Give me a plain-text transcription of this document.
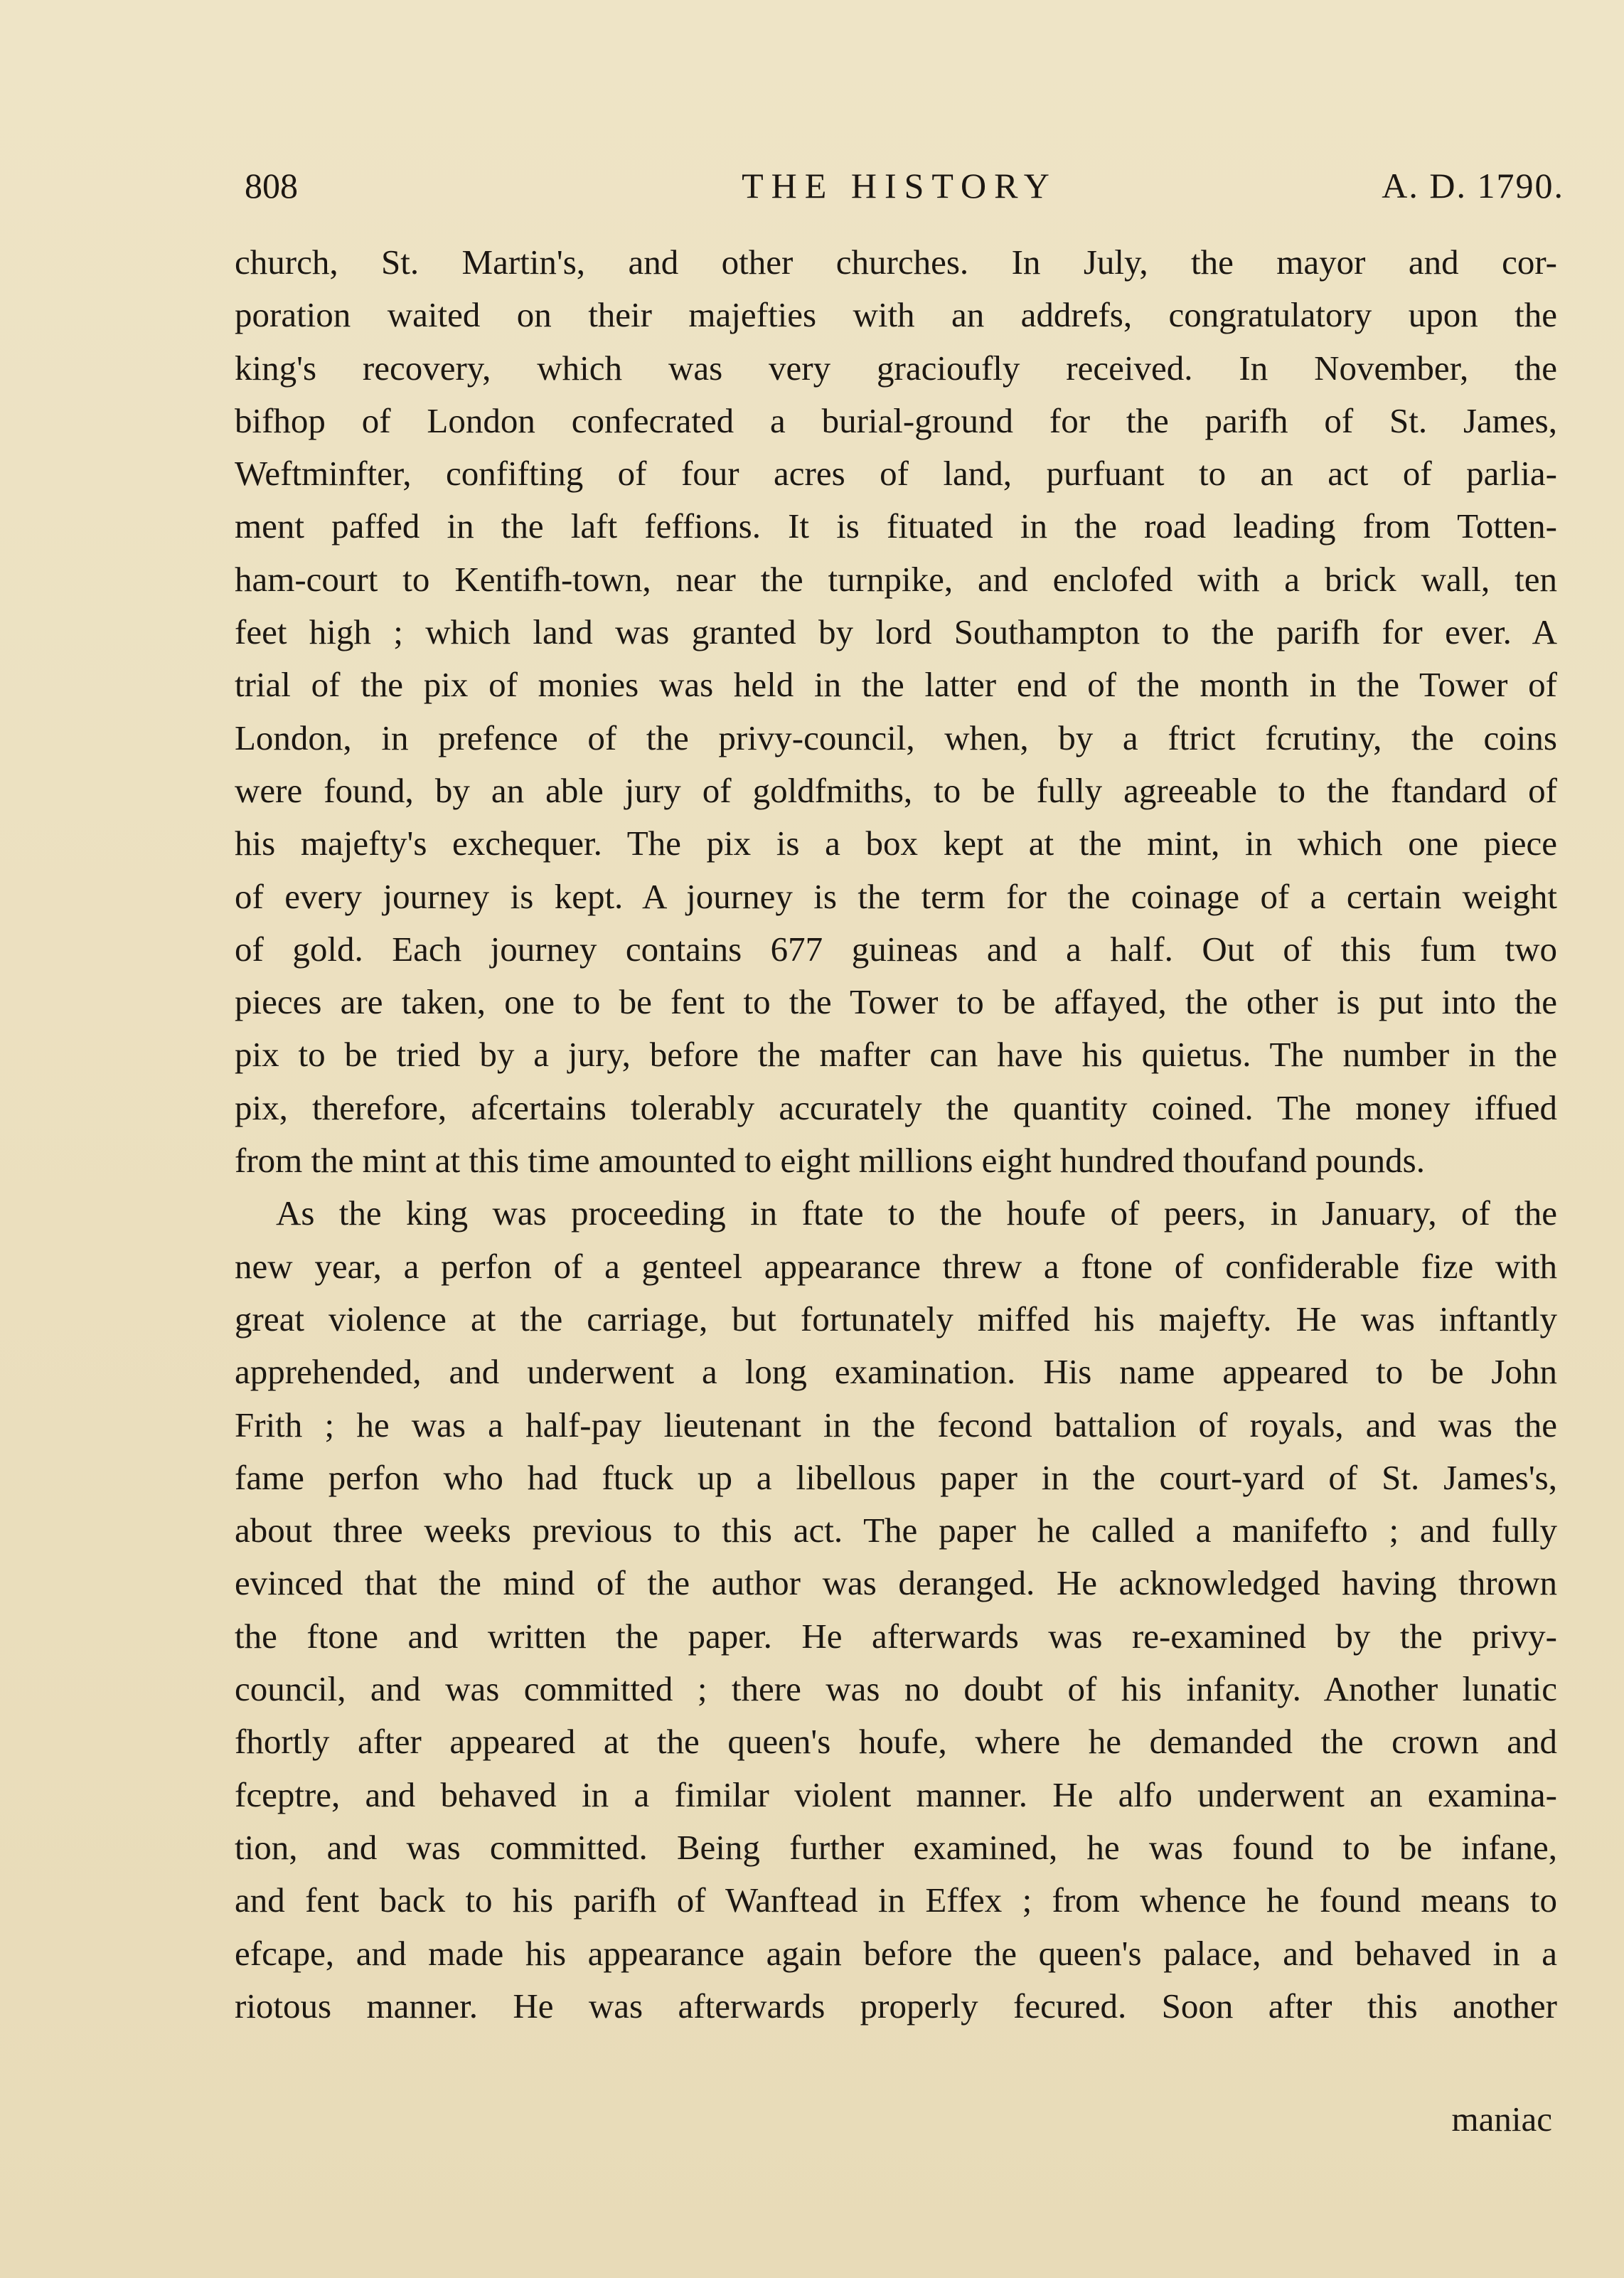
808	THE HISTORY	A. D. 1790.
church, St. Martin's, and other churches. In July, the mayor and cor-
poration waited on their majefties with an addrefs, congratulatory upon the
king's recovery, which was very gracioufly received. In November, the
bifhop of London confecrated a burial-ground for the parifh of St. James,
Weftminfter, confifting of four acres of land, purfuant to an act of parlia-
ment paffed in the laft feffions. It is fituated in the road leading from Totten-
ham-court to Kentifh-town, near the turnpike, and enclofed with a brick wall, ten
feet high ; which land was granted by lord Southampton to the parifh for ever. A
trial of the pix of monies was held in the latter end of the month in the Tower of
London, in prefence of the privy-council, when, by a ftrict fcrutiny, the coins
were found, by an able jury of goldfmiths, to be fully agreeable to the ftandard of
his majefty's exchequer. The pix is a box kept at the mint, in which one piece
of every journey is kept. A journey is the term for the coinage of a certain weight
of gold. Each journey contains 677 guineas and a half. Out of this fum two
pieces are taken, one to be fent to the Tower to be affayed, the other is put into the
pix to be tried by a jury, before the mafter can have his quietus. The number in the
pix, therefore, afcertains tolerably accurately the quantity coined. The money iffued
from the mint at this time amounted to eight millions eight hundred thoufand pounds.
As the king was proceeding in ftate to the houfe of peers, in January, of the
new year, a perfon of a genteel appearance threw a ftone of confiderable fize with
great violence at the carriage, but fortunately miffed his majefty. He was inftantly
apprehended, and underwent a long examination. His name appeared to be John
Frith ; he was a half-pay lieutenant in the fecond battalion of royals, and was the
fame perfon who had ftuck up a libellous paper in the court-yard of St. James's,
about three weeks previous to this act. The paper he called a manifefto ; and fully
evinced that the mind of the author was deranged. He acknowledged having thrown
the ftone and written the paper. He afterwards was re-examined by the privy-
council, and was committed ; there was no doubt of his infanity. Another lunatic
fhortly after appeared at the queen's houfe, where he demanded the crown and
fceptre, and behaved in a fimilar violent manner. He alfo underwent an examina-
tion, and was committed. Being further examined, he was found to be infane,
and fent back to his parifh of Wanftead in Effex ; from whence he found means to
efcape, and made his appearance again before the queen's palace, and behaved in a
riotous manner. He was afterwards properly fecured. Soon after this another
maniac
